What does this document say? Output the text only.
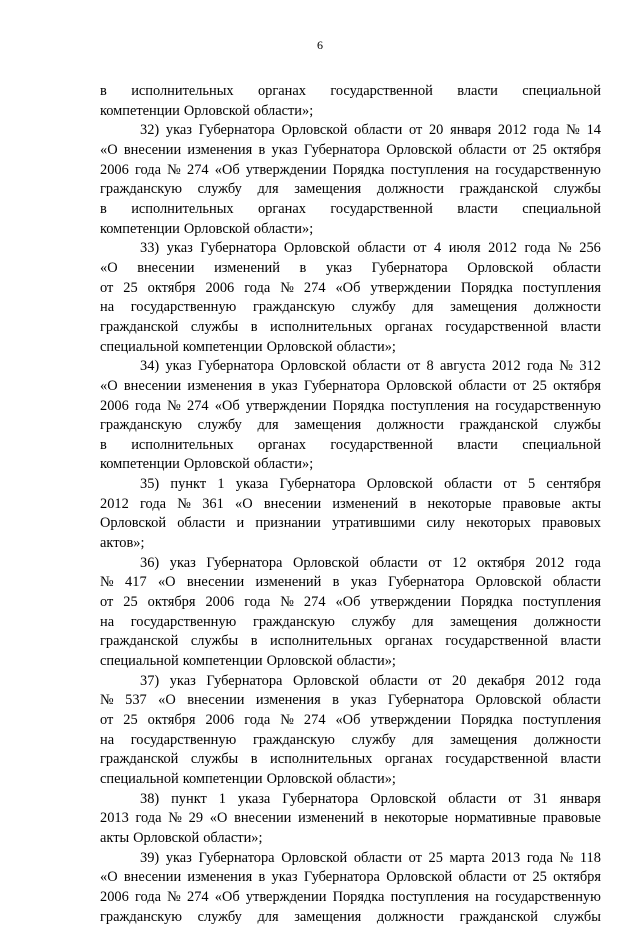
6
в исполнительных органах государственной власти специальной
компетенции Орловской области»;
32) указ Губернатора Орловской области от 20 января 2012 года № 14
«О внесении изменения в указ Губернатора Орловской области от 25 октября
2006 года № 274 «Об утверждении Порядка поступления на государственную
гражданскую службу для замещения должности гражданской службы
в исполнительных органах государственной власти специальной
компетенции Орловской области»;
33) указ Губернатора Орловской области от 4 июля 2012 года № 256
«О внесении изменений в указ Губернатора Орловской области
от 25 октября 2006 года № 274 «Об утверждении Порядка поступления
на государственную гражданскую службу для замещения должности
гражданской службы в исполнительных органах государственной власти
специальной компетенции Орловской области»;
34) указ Губернатора Орловской области от 8 августа 2012 года № 312
«О внесении изменения в указ Губернатора Орловской области от 25 октября
2006 года № 274 «Об утверждении Порядка поступления на государственную
гражданскую службу для замещения должности гражданской службы
в исполнительных органах государственной власти специальной
компетенции Орловской области»;
35) пункт 1 указа Губернатора Орловской области от 5 сентября
2012 года № 361 «О внесении изменений в некоторые правовые акты
Орловской области и признании утратившими силу некоторых правовых
актов»;
36) указ Губернатора Орловской области от 12 октября 2012 года
№ 417 «О внесении изменений в указ Губернатора Орловской области
от 25 октября 2006 года № 274 «Об утверждении Порядка поступления
на государственную гражданскую службу для замещения должности
гражданской службы в исполнительных органах государственной власти
специальной компетенции Орловской области»;
37) указ Губернатора Орловской области от 20 декабря 2012 года
№ 537 «О внесении изменения в указ Губернатора Орловской области
от 25 октября 2006 года № 274 «Об утверждении Порядка поступления
на государственную гражданскую службу для замещения должности
гражданской службы в исполнительных органах государственной власти
специальной компетенции Орловской области»;
38) пункт 1 указа Губернатора Орловской области от 31 января
2013 года № 29 «О внесении изменений в некоторые нормативные правовые
акты Орловской области»;
39) указ Губернатора Орловской области от 25 марта 2013 года № 118
«О внесении изменения в указ Губернатора Орловской области от 25 октября
2006 года № 274 «Об утверждении Порядка поступления на государственную
гражданскую службу для замещения должности гражданской службы
